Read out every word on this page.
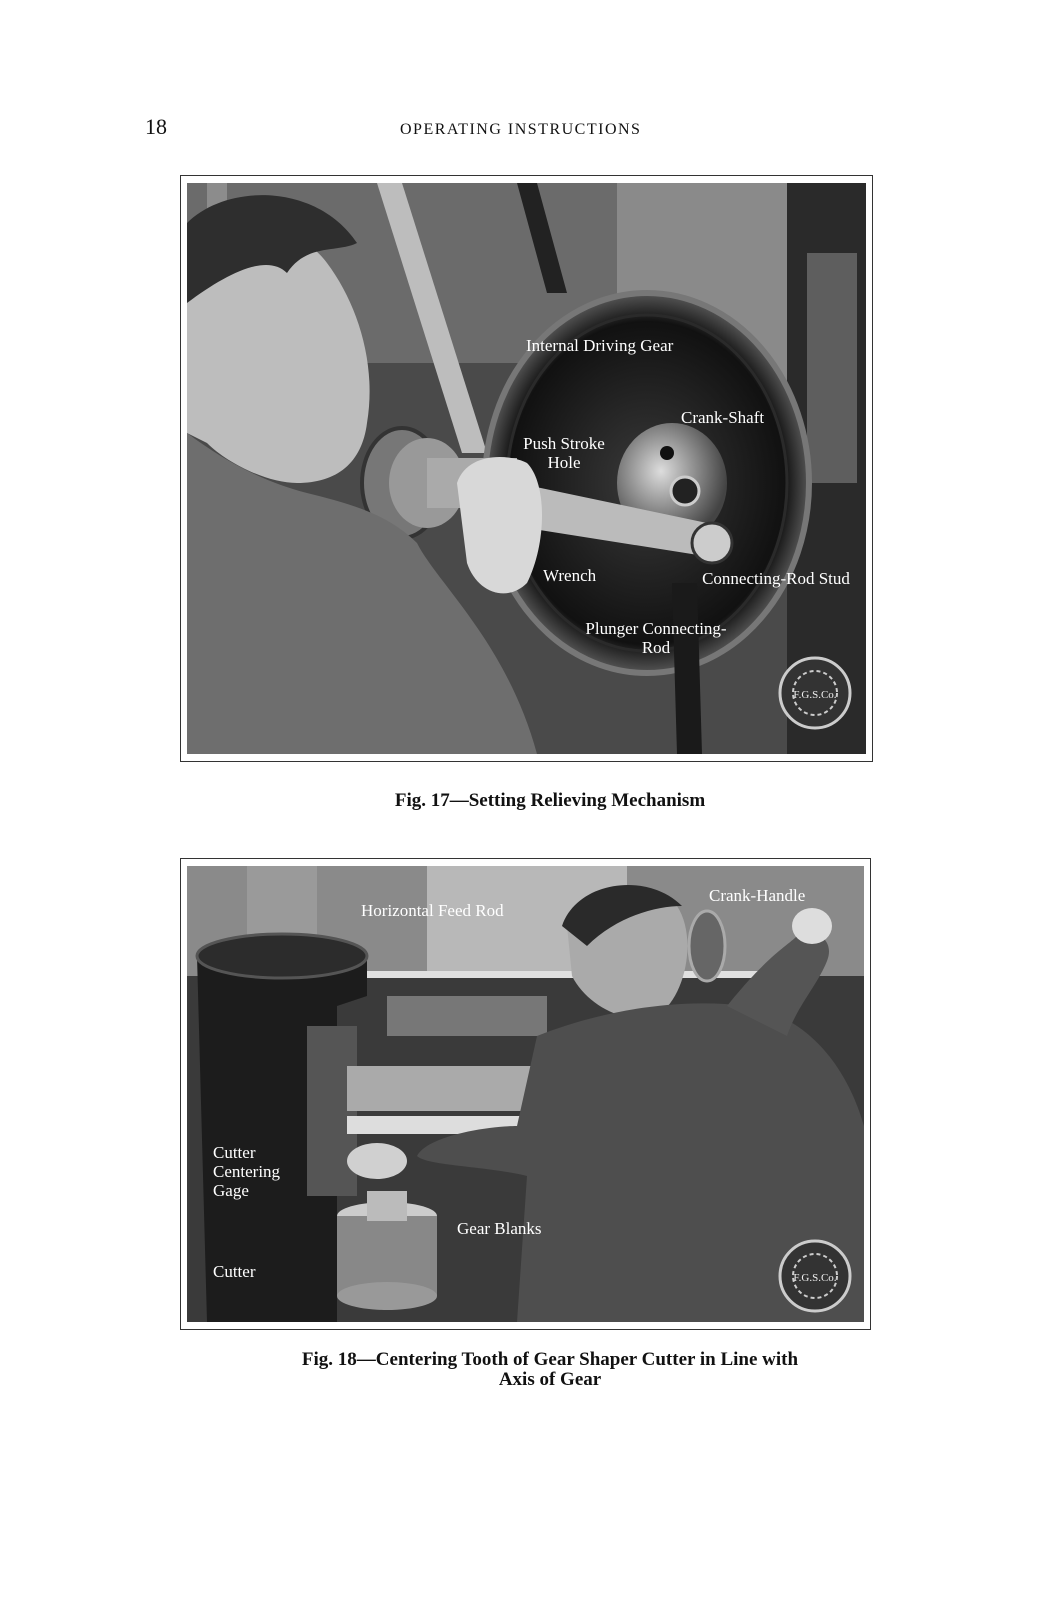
18	OPERATING INSTRUCTIONS
F.G.S.Co.
Internal Driving Gear
Crank-Shaft
Push Stroke Hole
Wrench	Connecting-Rod Stud
Plunger Connecting-Rod
Fig. 17—Setting Relieving Mechanism
F.G.S.Co.
Horizontal Feed Rod
Crank-Handle
Cutter Centering Gage
Gear Blanks
Cutter
Fig. 18—Centering Tooth of Gear Shaper Cutter in Line with
Axis of Gear
